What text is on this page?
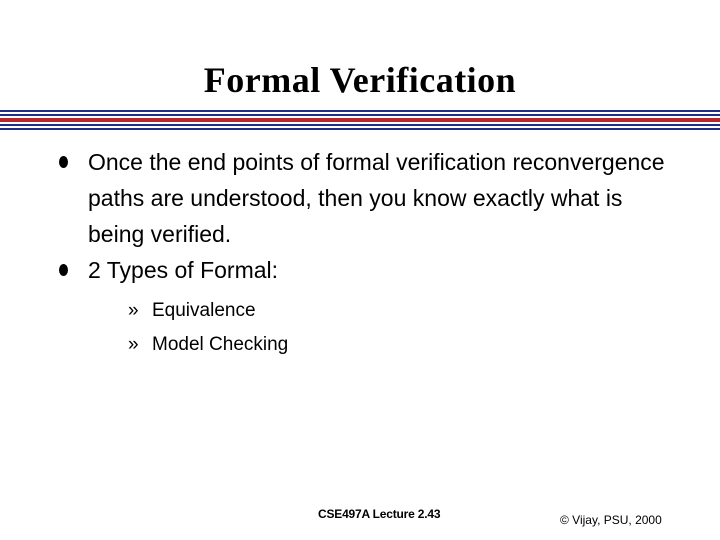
Formal Verification
Once the end points of formal verification reconvergence paths are understood, then you know exactly what is being verified.
2 Types of Formal:
» Equivalence
» Model Checking
CSE497A Lecture 2.43	© Vijay, PSU, 2000
